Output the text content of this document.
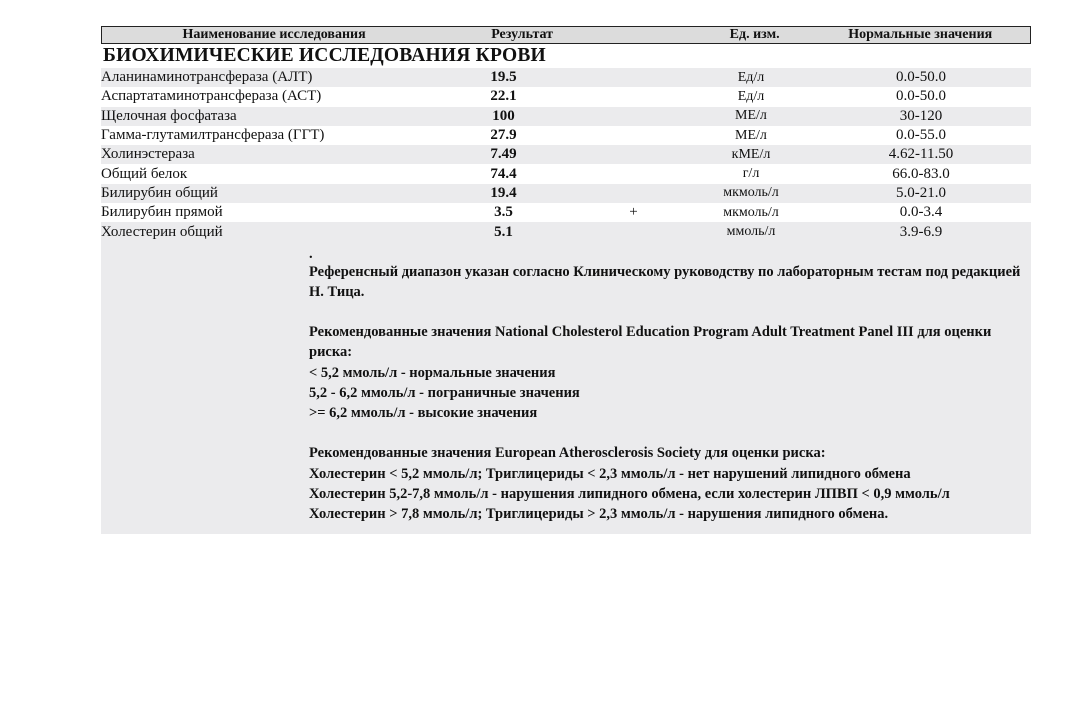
Наименование исследования	Результат	Ед. изм.	Нормальные значения
БИОХИМИЧЕСКИЕ ИССЛЕДОВАНИЯ КРОВИ
Аланинаминотрансфераза (АЛТ)	19.5	Ед/л	0.0-50.0
Аспартатаминотрансфераза (АСТ)	22.1	Ед/л	0.0-50.0
Щелочная фосфатаза	100	МЕ/л	30-120
Гамма-глутамилтрансфераза (ГГТ)	27.9	МЕ/л	0.0-55.0
Холинэстераза	7.49	кМЕ/л	4.62-11.50
Общий белок	74.4	г/л	66.0-83.0
Билирубин общий	19.4	мкмоль/л	5.0-21.0
Билирубин прямой	3.5	+	мкмоль/л	0.0-3.4
Холестерин общий	5.1	ммоль/л	3.9-6.9
.

Референсный диапазон указан согласно Клиническому руководству по лабораторным тестам под редакцией Н. Тица.

Рекомендованные значения National Cholesterol Education Program Adult Treatment Panel III для оценки риска:

< 5,2 ммоль/л - нормальные значения

5,2 - 6,2 ммоль/л - пограничные значения

>= 6,2 ммоль/л - высокие значения

Рекомендованные значения European Atherosclerosis Society для оценки риска:

Холестерин < 5,2 ммоль/л; Триглицериды < 2,3 ммоль/л - нет нарушений липидного обмена

Холестерин 5,2-7,8 ммоль/л - нарушения липидного обмена, если холестерин ЛПВП < 0,9 ммоль/л

Холестерин > 7,8 ммоль/л; Триглицериды > 2,3 ммоль/л - нарушения липидного обмена.
